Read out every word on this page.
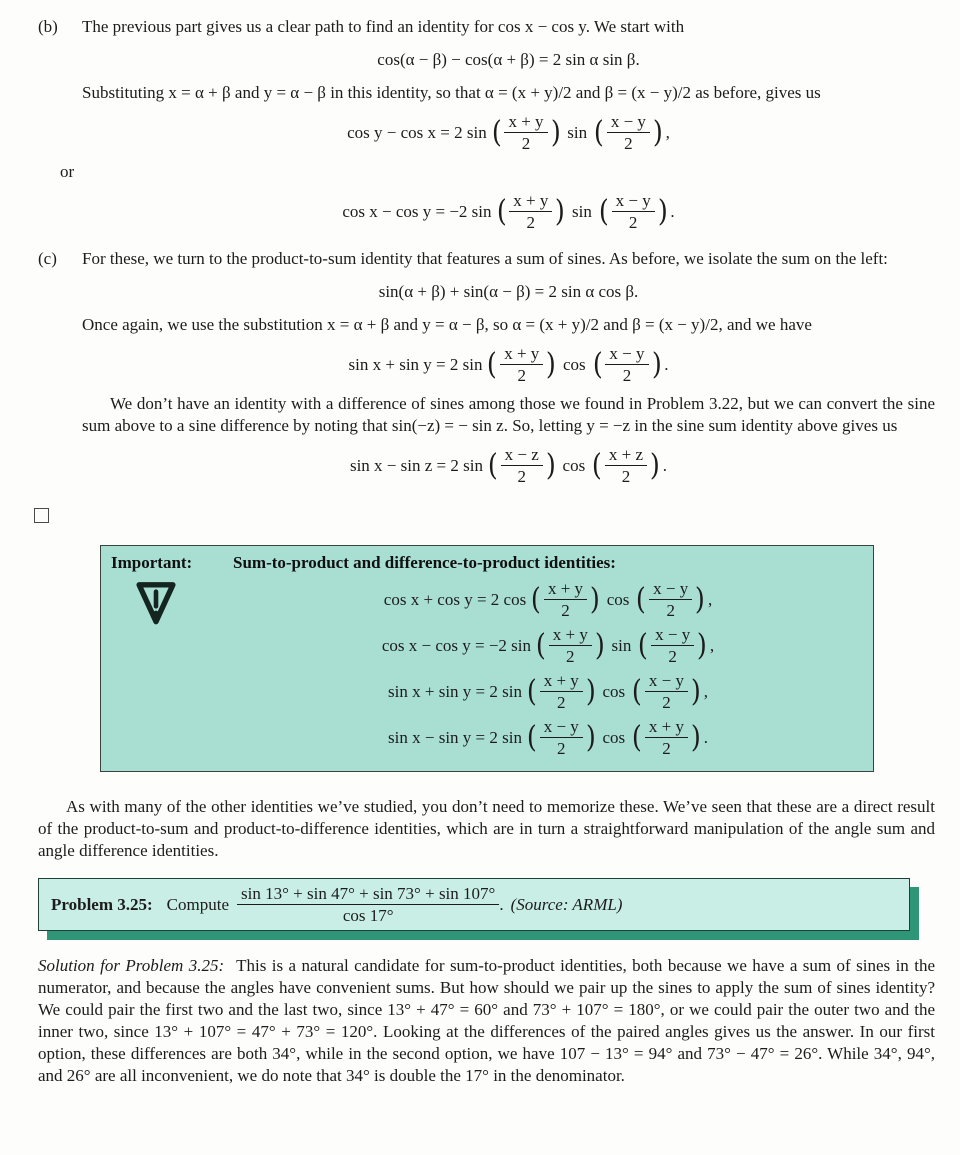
(b)	The previous part gives us a clear path to find an identity for cos x − cos y. We start with

cos(α − β) − cos(α + β) = 2 sin α sin β.

Substituting x = α + β and y = α − β in this identity, so that α = (x + y)/2 and β = (x − y)/2 as before, gives us

cos y − cos x = 2 sin ( $\frac{x + y}{2}$ ) sin ( $\frac{x - y}{2}$ ) ,

or

cos x − cos y = −2 sin ( $\frac{x + y}{2}$ ) sin ( $\frac{x - y}{2}$ ) .
(c)	For these, we turn to the product-to-sum identity that features a sum of sines. As before, we isolate the sum on the left:

sin(α + β) + sin(α − β) = 2 sin α cos β.

Once again, we use the substitution x = α + β and y = α − β, so α = (x + y)/2 and β = (x − y)/2, and we have

sin x + sin y = 2 sin ( $\frac{x + y}{2}$ ) cos ( $\frac{x - y}{2}$ ) .

We don’t have an identity with a difference of sines among those we found in Problem 3.22, but we can convert the sine sum above to a sine difference by noting that sin(−z) = − sin z. So, letting y = −z in the sine sum identity above gives us

sin x − sin z = 2 sin ( $\frac{x - z}{2}$ ) cos ( $\frac{x + z}{2}$ ) .
Important:	Sum-to-product and difference-to-product identities:

cos x + cos y = 2 cos ( $\frac{x + y}{2}$ ) cos ( $\frac{x - y}{2}$ ) ,
cos x − cos y = −2 sin ( $\frac{x + y}{2}$ ) sin ( $\frac{x - y}{2}$ ) ,
sin x + sin y = 2 sin ( $\frac{x + y}{2}$ ) cos ( $\frac{x - y}{2}$ ) ,
sin x − sin y = 2 sin ( $\frac{x - y}{2}$ ) cos ( $\frac{x + y}{2}$ ) .

As with many of the other identities we’ve studied, you don’t need to memorize these. We’ve seen that these are a direct result of the product-to-sum and product-to-difference identities, which are in turn a straightforward manipulation of the angle sum and angle difference identities.

Problem 3.25: Compute $\frac{\sin 13^\circ + \sin 47^\circ + \sin 73^\circ + \sin 107^\circ}{\cos 17^\circ}$ . (Source: ARML)

Solution for Problem 3.25: This is a natural candidate for sum-to-product identities, both because we have a sum of sines in the numerator, and because the angles have convenient sums. But how should we pair up the sines to apply the sum of sines identity? We could pair the first two and the last two, since 13° + 47° = 60° and 73° + 107° = 180°, or we could pair the outer two and the inner two, since 13° + 107° = 47° + 73° = 120°. Looking at the differences of the paired angles gives us the answer. In our first option, these differences are both 34°, while in the second option, we have 107 − 13° = 94° and 73° − 47° = 26°. While 34°, 94°, and 26° are all inconvenient, we do note that 34° is double the 17° in the denominator.
